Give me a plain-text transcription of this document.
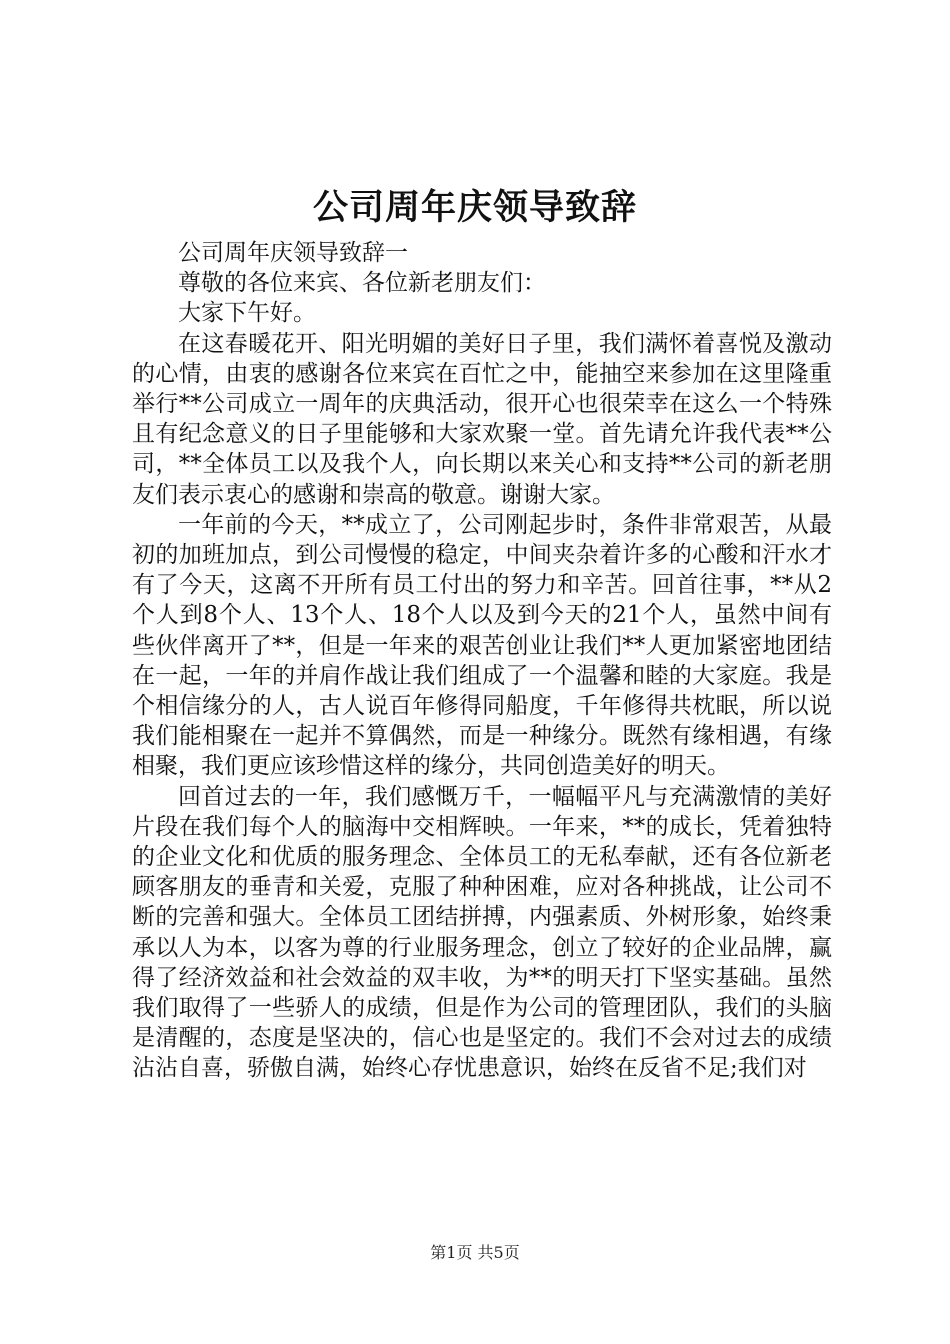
公司周年庆领导致辞

公司周年庆领导致辞一

尊敬的各位来宾、各位新老朋友们：

大家下午好。

在这春暖花开、阳光明媚的美好日子里，我们满怀着喜悦及激动的心情，由衷的感谢各位来宾在百忙之中，能抽空来参加在这里隆重举行**公司成立一周年的庆典活动，很开心也很荣幸在这么一个特殊且有纪念意义的日子里能够和大家欢聚一堂。首先请允许我代表**公司，**全体员工以及我个人，向长期以来关心和支持**公司的新老朋友们表示衷心的感谢和崇高的敬意。谢谢大家。

一年前的今天，**成立了，公司刚起步时，条件非常艰苦，从最初的加班加点，到公司慢慢的稳定，中间夹杂着许多的心酸和汗水才有了今天，这离不开所有员工付出的努力和辛苦。回首往事，**从2个人到8个人、13个人、18个人以及到今天的21个人，虽然中间有些伙伴离开了**，但是一年来的艰苦创业让我们**人更加紧密地团结在一起，一年的并肩作战让我们组成了一个温馨和睦的大家庭。我是个相信缘分的人，古人说百年修得同船度，千年修得共枕眠，所以说我们能相聚在一起并不算偶然，而是一种缘分。既然有缘相遇，有缘相聚，我们更应该珍惜这样的缘分，共同创造美好的明天。

回首过去的一年，我们感慨万千，一幅幅平凡与充满激情的美好片段在我们每个人的脑海中交相辉映。一年来，**的成长，凭着独特的企业文化和优质的服务理念、全体员工的无私奉献，还有各位新老顾客朋友的垂青和关爱，克服了种种困难，应对各种挑战，让公司不断的完善和强大。全体员工团结拼搏，内强素质、外树形象，始终秉承以人为本，以客为尊的行业服务理念，创立了较好的企业品牌，赢得了经济效益和社会效益的双丰收，为**的明天打下坚实基础。虽然我们取得了一些骄人的成绩，但是作为公司的管理团队，我们的头脑是清醒的，态度是坚决的，信心也是坚定的。我们不会对过去的成绩沾沾自喜，骄傲自满，始终心存忧患意识，始终在反省不足;我们对

第1页 共5页
